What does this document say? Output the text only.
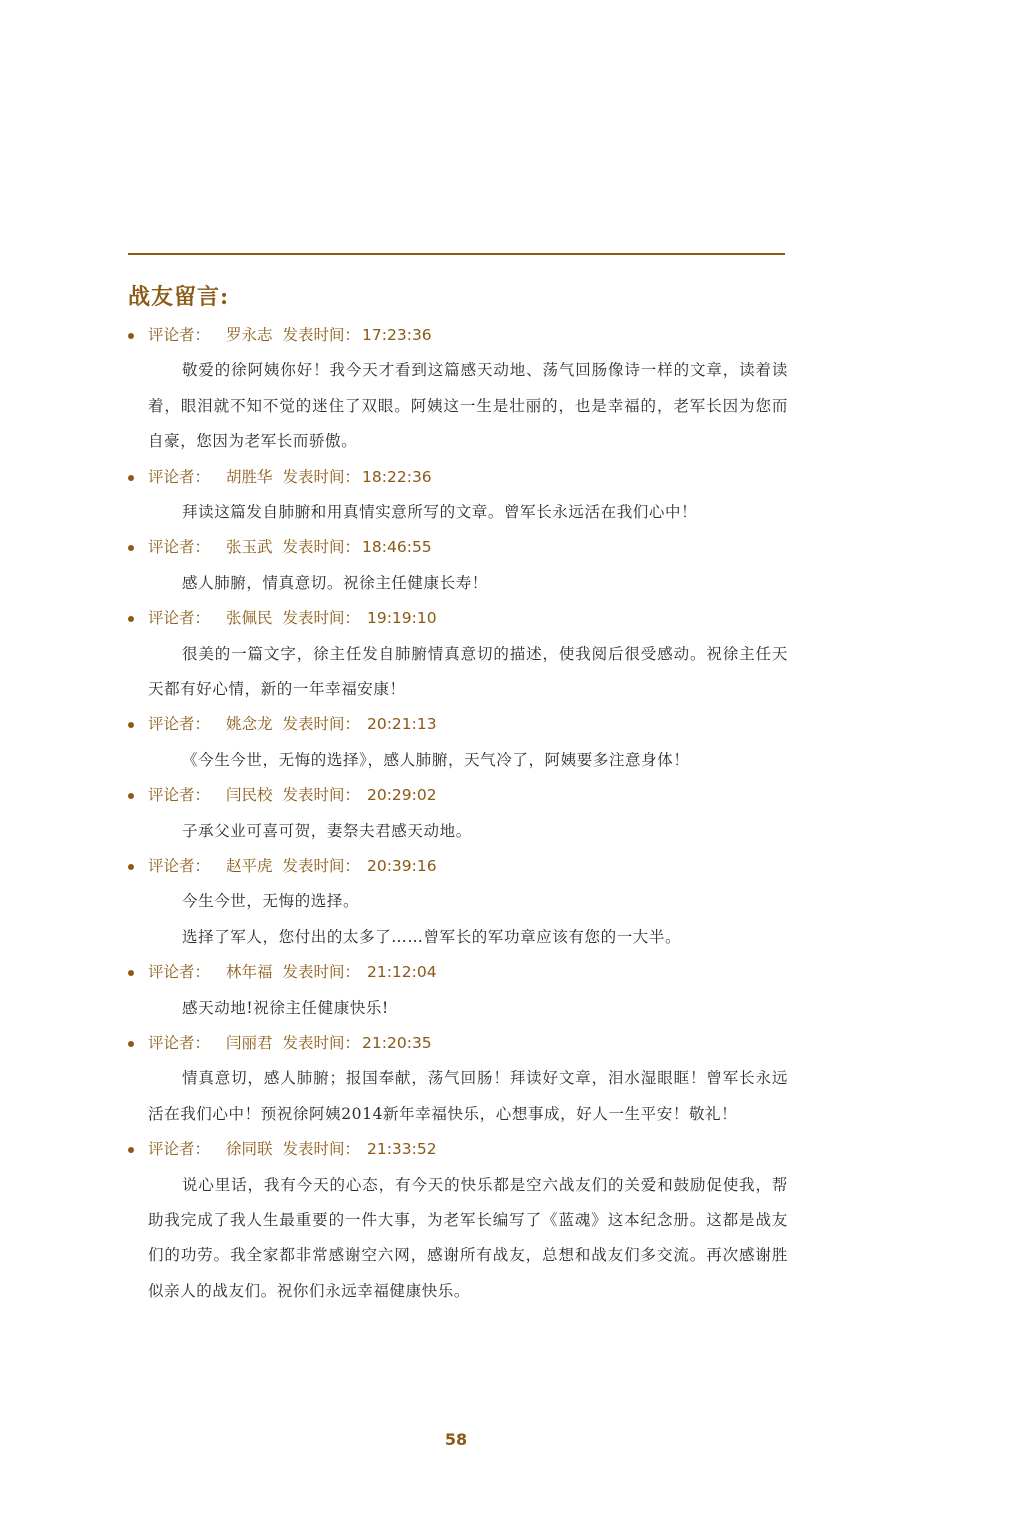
战友留言:
评论者： 罗永志 发表时间： 17:23:36

敬爱的徐阿姨你好！我今天才看到这篇感天动地、荡气回肠像诗一样的文章，读着读着，眼泪就不知不觉的迷住了双眼。阿姨这一生是壮丽的，也是幸福的，老军长因为您而自豪，您因为老军长而骄傲。

评论者： 胡胜华 发表时间： 18:22:36

拜读这篇发自肺腑和用真情实意所写的文章。曾军长永远活在我们心中！

评论者： 张玉武 发表时间： 18:46:55

感人肺腑，情真意切。祝徐主任健康长寿！

评论者： 张佩民 发表时间： 19:19:10

很美的一篇文字，徐主任发自肺腑情真意切的描述，使我阅后很受感动。祝徐主任天天都有好心情，新的一年幸福安康！

评论者： 姚念龙 发表时间： 20:21:13

《今生今世，无悔的选择》，感人肺腑，天气冷了，阿姨要多注意身体！

评论者： 闫民校 发表时间： 20:29:02

子承父业可喜可贺，妻祭夫君感天动地。

评论者： 赵平虎 发表时间： 20:39:16

今生今世，无悔的选择。

选择了军人，您付出的太多了……曾军长的军功章应该有您的一大半。

评论者： 林年福 发表时间： 21:12:04

感天动地!祝徐主任健康快乐!

评论者： 闫丽君 发表时间： 21:20:35

情真意切，感人肺腑；报国奉献，荡气回肠！拜读好文章，泪水湿眼眶！曾军长永远活在我们心中！预祝徐阿姨2014新年幸福快乐，心想事成，好人一生平安！敬礼！

评论者： 徐同联 发表时间： 21:33:52

说心里话，我有今天的心态，有今天的快乐都是空六战友们的关爱和鼓励促使我，帮助我完成了我人生最重要的一件大事，为老军长编写了《蓝魂》这本纪念册。这都是战友们的功劳。我全家都非常感谢空六网，感谢所有战友，总想和战友们多交流。再次感谢胜似亲人的战友们。祝你们永远幸福健康快乐。

58
